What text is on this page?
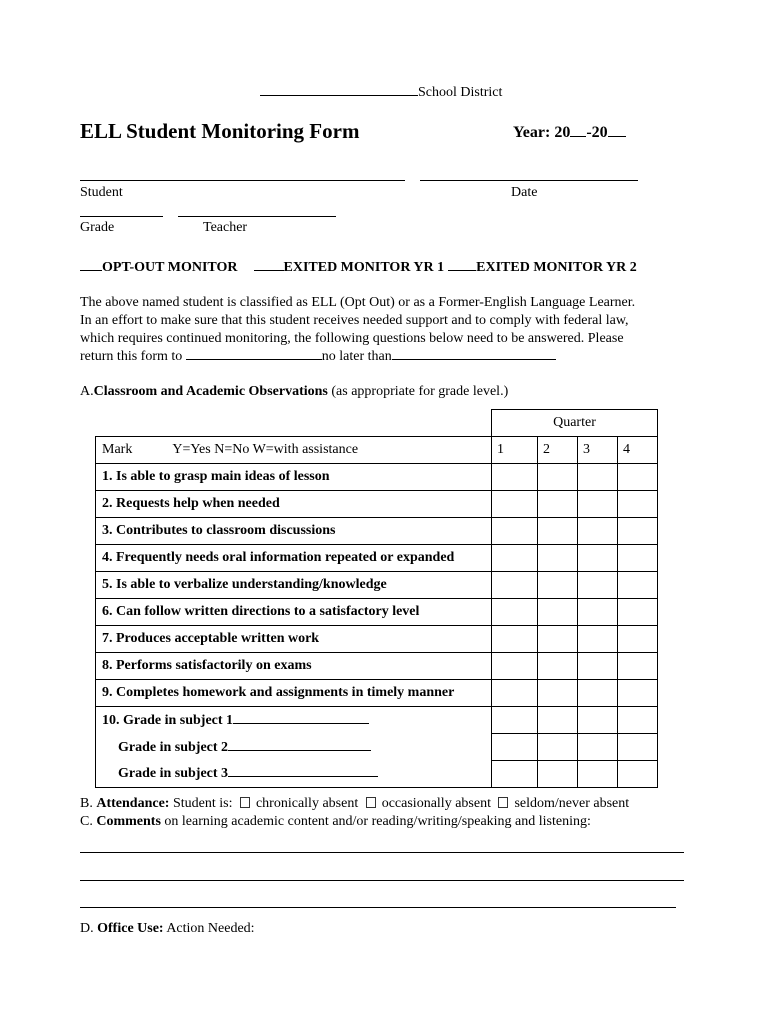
School District
ELL Student Monitoring Form	Year: 20 -20
Student	Date
Grade	Teacher
OPT-OUT MONITOR	EXITED MONITOR YR 1 EXITED MONITOR YR 2
The above named student is classified as ELL (Opt Out) or as a Former-English Language Learner.
In an effort to make sure that this student receives needed support and to comply with federal law,
which requires continued monitoring, the following questions below need to be answered. Please
return this form to	no later than
A.Classroom and Academic Observations (as appropriate for grade level.)
	Quarter			
Mark Y=Yes N=No W=with assistance	1	2	3	4
1. Is able to grasp main ideas of lesson				
2. Requests help when needed				
3. Contributes to classroom discussions				
4. Frequently needs oral information repeated or expanded				
5. Is able to verbalize understanding/knowledge				
6. Can follow written directions to a satisfactory level				
7. Produces acceptable written work				
8. Performs satisfactorily on exams				
9. Completes homework and assignments in timely manner				
10. Grade in subject 1				
Grade in subject 2				
Grade in subject 3				
B. Attendance: Student is: chronically absent occasionally absent seldom/never absent
C. Comments on learning academic content and/or reading/writing/speaking and listening:
D. Office Use: Action Needed:
